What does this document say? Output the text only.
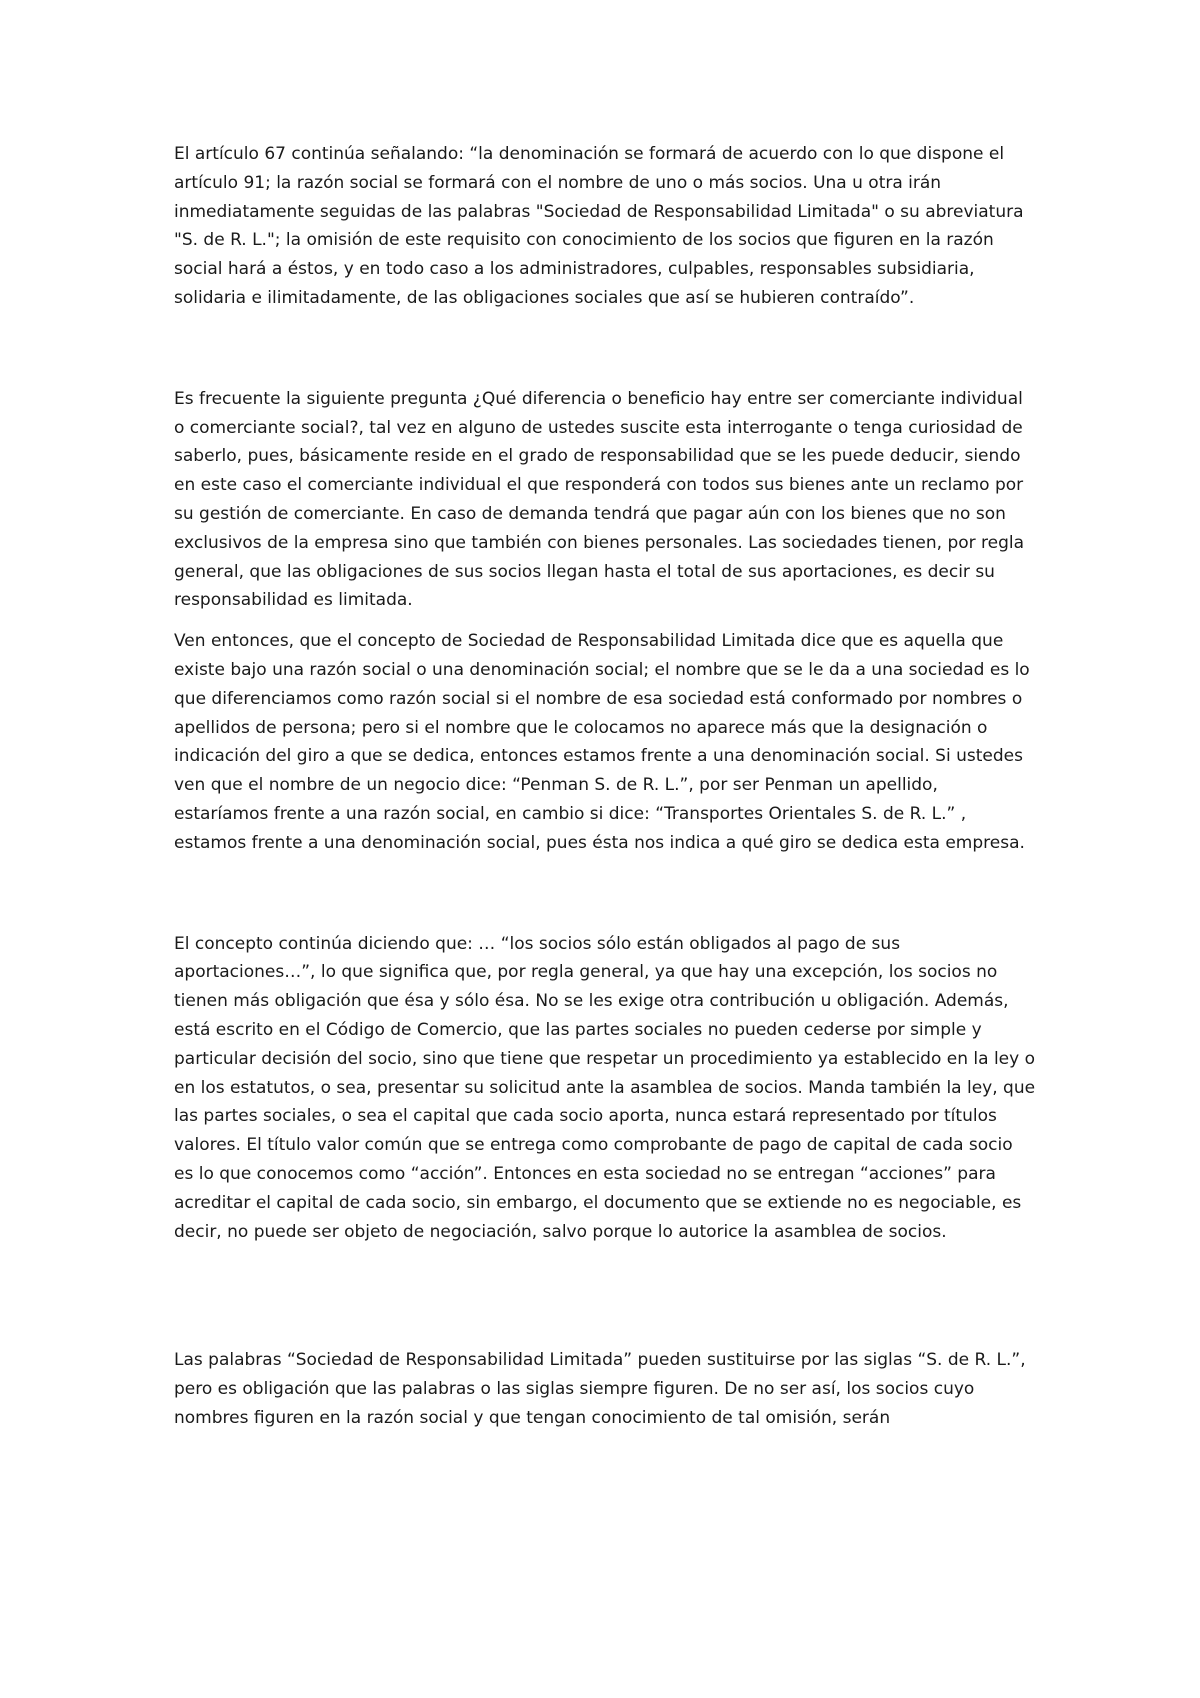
El artículo 67 continúa señalando: “la denominación se formará de acuerdo con lo que dispone el artículo 91; la razón social se formará con el nombre de uno o más socios. Una u otra irán inmediatamente seguidas de las palabras "Sociedad de Responsabilidad Limitada" o su abreviatura "S. de R. L."; la omisión de este requisito con conocimiento de los socios que figuren en la razón social hará a éstos, y en todo caso a los administradores, culpables, responsables subsidiaria, solidaria e ilimitadamente, de las obligaciones sociales que así se hubieren contraído”.

Es frecuente la siguiente pregunta ¿Qué diferencia o beneficio hay entre ser comerciante individual o comerciante social?, tal vez en alguno de ustedes suscite esta interrogante o tenga curiosidad de saberlo, pues, básicamente reside en el grado de responsabilidad que se les puede deducir, siendo en este caso el comerciante individual el que responderá con todos sus bienes ante un reclamo por su gestión de comerciante. En caso de demanda tendrá que pagar aún con los bienes que no son exclusivos de la empresa sino que también con bienes personales. Las sociedades tienen, por regla general, que las obligaciones de sus socios llegan hasta el total de sus aportaciones, es decir su responsabilidad es limitada.

Ven entonces, que el concepto de Sociedad de Responsabilidad Limitada dice que es aquella que existe bajo una razón social o una denominación social; el nombre que se le da a una sociedad es lo que diferenciamos como razón social si el nombre de esa sociedad está conformado por nombres o apellidos de persona; pero si el nombre que le colocamos no aparece más que la designación o indicación del giro a que se dedica, entonces estamos frente a una denominación social. Si ustedes ven que el nombre de un negocio dice: “Penman S. de R. L.”, por ser Penman un apellido, estaríamos frente a una razón social, en cambio si dice: “Transportes Orientales S. de R. L.” , estamos frente a una denominación social, pues ésta nos indica a qué giro se dedica esta empresa.

El concepto continúa diciendo que: … “los socios sólo están obligados al pago de sus aportaciones…”, lo que significa que, por regla general, ya que hay una excepción, los socios no tienen más obligación que ésa y sólo ésa. No se les exige otra contribución u obligación. Además, está escrito en el Código de Comercio, que las partes sociales no pueden cederse por simple y particular decisión del socio, sino que tiene que respetar un procedimiento ya establecido en la ley o en los estatutos, o sea, presentar su solicitud ante la asamblea de socios. Manda también la ley, que las partes sociales, o sea el capital que cada socio aporta, nunca estará representado por títulos valores. El título valor común que se entrega como comprobante de pago de capital de cada socio es lo que conocemos como “acción”. Entonces en esta sociedad no se entregan “acciones” para acreditar el capital de cada socio, sin embargo, el documento que se extiende no es negociable, es decir, no puede ser objeto de negociación, salvo porque lo autorice la asamblea de socios.

Las palabras “Sociedad de Responsabilidad Limitada” pueden sustituirse por las siglas “S. de R. L.”, pero es obligación que las palabras o las siglas siempre figuren. De no ser así, los socios cuyo nombres figuren en la razón social y que tengan conocimiento de tal omisión, serán
